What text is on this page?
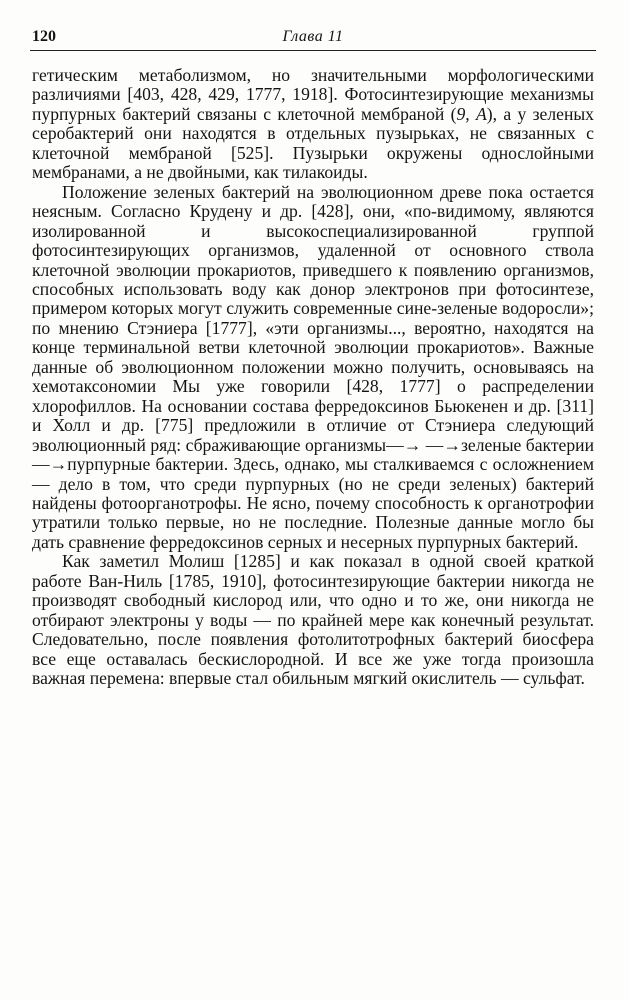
120	Глава 11

гетическим метаболизмом, но значительными морфологическими различиями [403, 428, 429, 1777, 1918]. Фотосинтезирующие механизмы пурпурных бактерий связаны с клеточной мембраной (9, А), а у зеленых серобактерий они находятся в отдельных пузырьках, не связанных с клеточной мембраной [525]. Пузырьки окружены однослойными мембранами, а не двойными, как тилакоиды.

Положение зеленых бактерий на эволюционном древе пока остается неясным. Согласно Крудену и др. [428], они, «по-видимому, являются изолированной и высокоспециализированной группой фотосинтезирующих организмов, удаленной от основного ствола клеточной эволюции прокариотов, приведшего к появлению организмов, способных использовать воду как донор электронов при фотосинтезе, примером которых могут служить современные сине-зеленые водоросли»; по мнению Стэниера [1777], «эти организмы..., вероятно, находятся на конце терминальной ветви клеточной эволюции прокариотов». Важные данные об эволюционном положении можно получить, основываясь на хемотаксономии Мы уже говорили [428, 1777] о распределении хлорофиллов. На основании состава ферредоксинов Бьюкенен и др. [311] и Холл и др. [775] предложили в отличие от Стэниера следующий эволюционный ряд: сбраживающие организмы—→ —→зеленые бактерии—→пурпурные бактерии. Здесь, однако, мы сталкиваемся с осложнением — дело в том, что среди пурпурных (но не среди зеленых) бактерий найдены фотоорганотрофы. Не ясно, почему способность к органотрофии утратили только первые, но не последние. Полезные данные могло бы дать сравнение ферредоксинов серных и несерных пурпурных бактерий.

Как заметил Молиш [1285] и как показал в одной своей краткой работе Ван-Ниль [1785, 1910], фотосинтезирующие бактерии никогда не производят свободный кислород или, что одно и то же, они никогда не отбирают электроны у воды — по крайней мере как конечный результат. Следовательно, после появления фотолитотрофных бактерий биосфера все еще оставалась бескислородной. И все же уже тогда произошла важная перемена: впервые стал обильным мягкий окислитель — сульфат.
